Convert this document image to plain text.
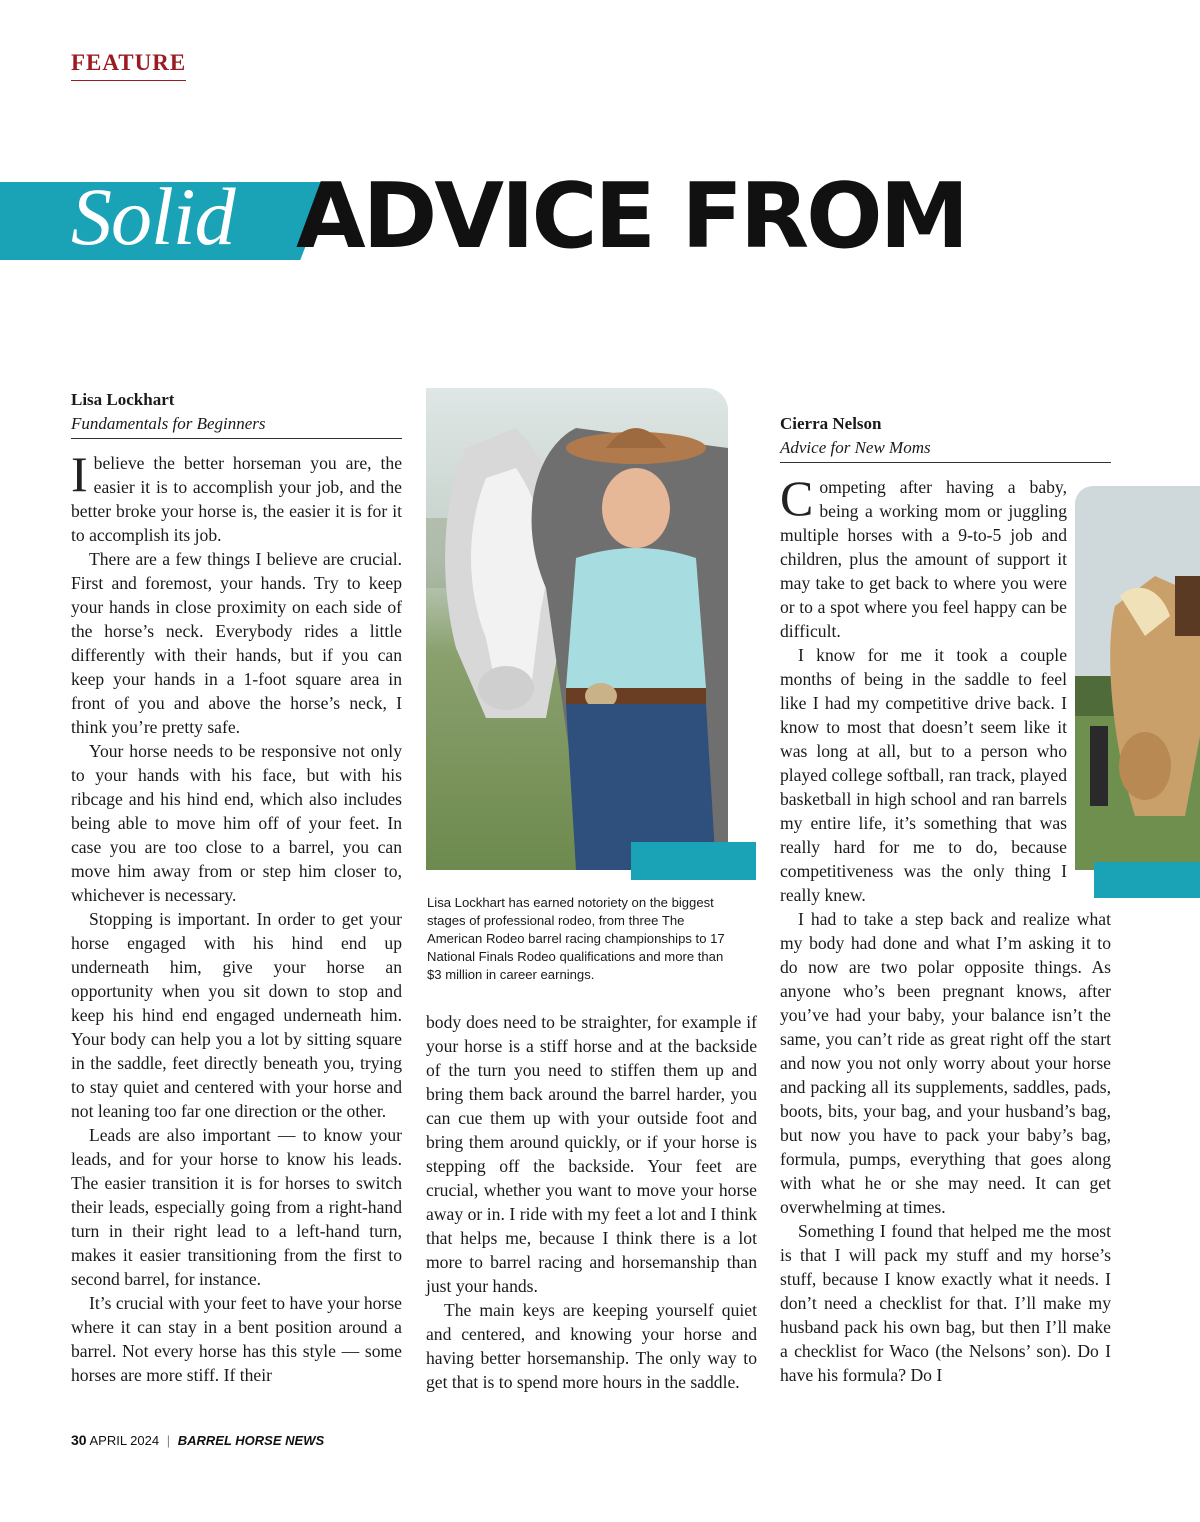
FEATURE
Solid ADVICE FROM
Lisa Lockhart
Fundamentals for Beginners

I believe the better horseman you are, the easier it is to accomplish your job, and the better broke your horse is, the easier it is for it to accomplish its job.

There are a few things I believe are crucial. First and foremost, your hands. Try to keep your hands in close proximity on each side of the horse’s neck. Everybody rides a little differently with their hands, but if you can keep your hands in a 1-foot square area in front of you and above the horse’s neck, I think you’re pretty safe.

Your horse needs to be responsive not only to your hands with his face, but with his ribcage and his hind end, which also includes being able to move him off of your feet. In case you are too close to a barrel, you can move him away from or step him closer to, whichever is necessary.

Stopping is important. In order to get your horse engaged with his hind end up underneath him, give your horse an opportunity when you sit down to stop and keep his hind end engaged underneath him. Your body can help you a lot by sitting square in the saddle, feet directly beneath you, trying to stay quiet and centered with your horse and not leaning too far one direction or the other.

Leads are also important — to know your leads, and for your horse to know his leads. The easier transition it is for horses to switch their leads, especially going from a right-hand turn in their right lead to a left-hand turn, makes it easier transitioning from the first to second barrel, for instance.

It’s crucial with your feet to have your horse where it can stay in a bent position around a barrel. Not every horse has this style — some horses are more stiff. If their

Lisa Lockhart has earned notoriety on the biggest stages of professional rodeo, from three The American Rodeo barrel racing championships to 17 National Finals Rodeo qualifications and more than $3 million in career earnings.

body does need to be straighter, for example if your horse is a stiff horse and at the backside of the turn you need to stiffen them up and bring them back around the barrel harder, you can cue them up with your outside foot and bring them around quickly, or if your horse is stepping off the backside. Your feet are crucial, whether you want to move your horse away or in. I ride with my feet a lot and I think that helps me, because I think there is a lot more to barrel racing and horsemanship than just your hands.

The main keys are keeping yourself quiet and centered, and knowing your horse and having better horsemanship. The only way to get that is to spend more hours in the saddle.

Cierra Nelson
Advice for New Moms

Competing after having a baby, being a working mom or juggling multiple horses with a 9-to-5 job and children, plus the amount of support it may take to get back to where you were or to a spot where you feel happy can be difficult.

I know for me it took a couple months of being in the saddle to feel like I had my competitive drive back. I know to most that doesn’t seem like it was long at all, but to a person who played college softball, ran track, played basketball in high school and ran barrels my entire life, it’s something that was really hard for me to do, because competitiveness was the only thing I really knew.

I had to take a step back and realize what my body had done and what I’m asking it to do now are two polar opposite things. As anyone who’s been pregnant knows, after you’ve had your baby, your balance isn’t the same, you can’t ride as great right off the start and now you not only worry about your horse and packing all its supplements, saddles, pads, boots, bits, your bag, and your husband’s bag, but now you have to pack your baby’s bag, formula, pumps, everything that goes along with what he or she may need. It can get overwhelming at times.

Something I found that helped me the most is that I will pack my stuff and my horse’s stuff, because I know exactly what it needs. I don’t need a checklist for that. I’ll make my husband pack his own bag, but then I’ll make a checklist for Waco (the Nelsons’ son). Do I have his formula? Do I

30 APRIL 2024 | BARREL HORSE NEWS
